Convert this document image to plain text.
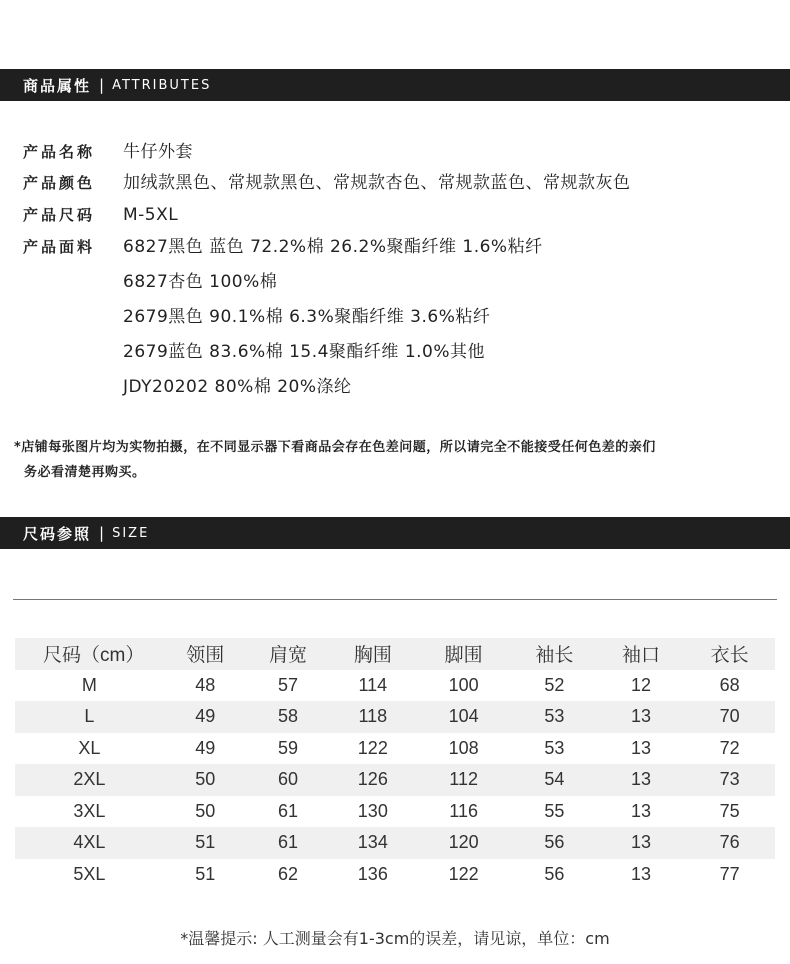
商品属性 | ATTRIBUTES
产品名称 牛仔外套
产品颜色 加绒款黑色、常规款黑色、常规款杏色、常规款蓝色、常规款灰色
产品尺码 M-5XL
产品面料 6827黑色 蓝色 72.2%棉 26.2%聚酯纤维 1.6%粘纤
6827杏色 100%棉
2679黑色 90.1%棉 6.3%聚酯纤维 3.6%粘纤
2679蓝色 83.6%棉 15.4聚酯纤维 1.0%其他
JDY20202 80%棉 20%涤纶
*店铺每张图片均为实物拍摄，在不同显示器下看商品会存在色差问题，所以请完全不能接受任何色差的亲们
务必看清楚再购买。
尺码参照 | SIZE
尺码（cm）	领围	肩宽	胸围	脚围	袖长	袖口	衣长
M	48	57	114	100	52	12	68
L	49	58	118	104	53	13	70
XL	49	59	122	108	53	13	72
2XL	50	60	126	112	54	13	73
3XL	50	61	130	116	55	13	75
4XL	51	61	134	120	56	13	76
5XL	51	62	136	122	56	13	77
*温馨提示: 人工测量会有1-3cm的误差，请见谅，单位：cm
